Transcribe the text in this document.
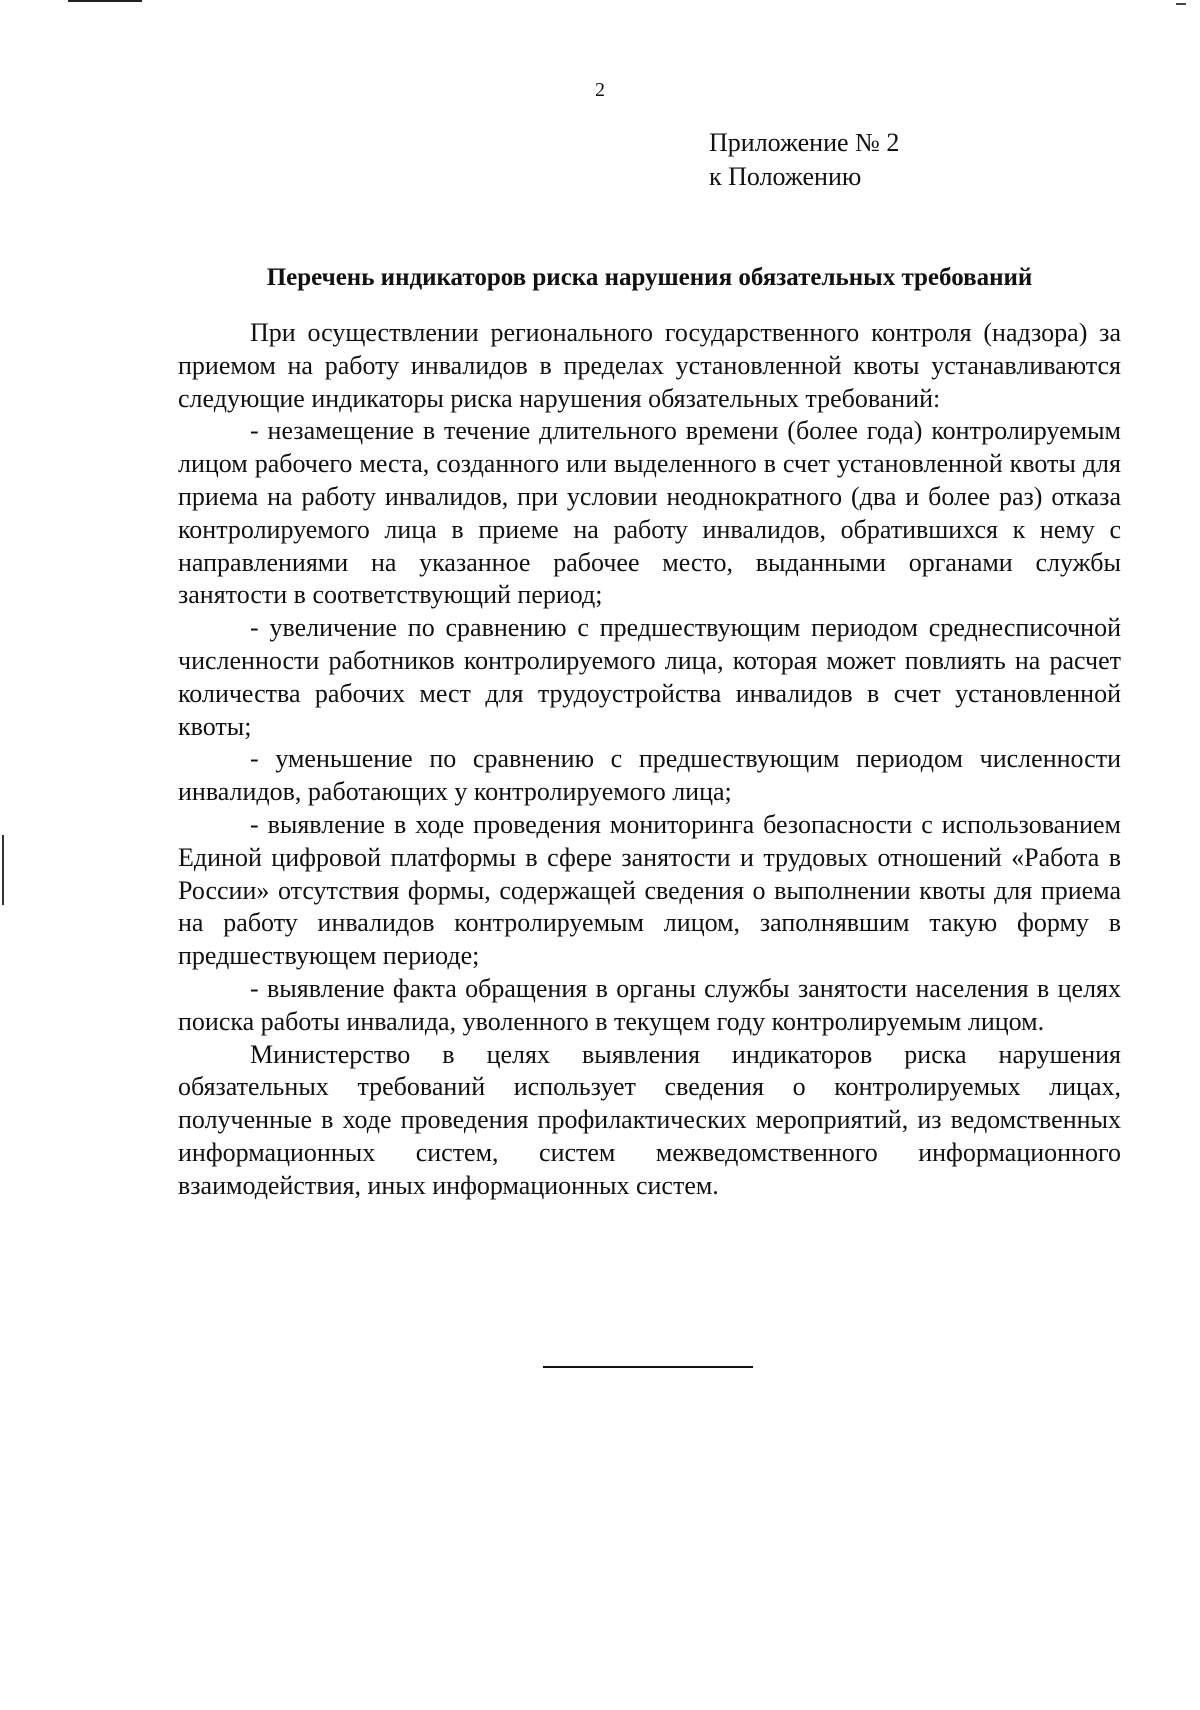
2
Приложение № 2
к Положению
Перечень индикаторов риска нарушения обязательных требований

При осуществлении регионального государственного контроля (надзора) за приемом на работу инвалидов в пределах установленной квоты устанавливаются следующие индикаторы риска нарушения обязательных требований:

- незамещение в течение длительного времени (более года) контролируемым лицом рабочего места, созданного или выделенного в счет установленной квоты для приема на работу инвалидов, при условии неоднократного (два и более раз) отказа контролируемого лица в приеме на работу инвалидов, обратившихся к нему с направлениями на указанное рабочее место, выданными органами службы занятости в соответствующий период;

- увеличение по сравнению с предшествующим периодом среднесписочной численности работников контролируемого лица, которая может повлиять на расчет количества рабочих мест для трудоустройства инвалидов в счет установленной квоты;

- уменьшение по сравнению с предшествующим периодом численности инвалидов, работающих у контролируемого лица;

- выявление в ходе проведения мониторинга безопасности с использованием Единой цифровой платформы в сфере занятости и трудовых отношений «Работа в России» отсутствия формы, содержащей сведения о выполнении квоты для приема на работу инвалидов контролируемым лицом, заполнявшим такую форму в предшествующем периоде;

- выявление факта обращения в органы службы занятости населения в целях поиска работы инвалида, уволенного в текущем году контролируемым лицом.

Министерство в целях выявления индикаторов риска нарушения обязательных требований использует сведения о контролируемых лицах, полученные в ходе проведения профилактических мероприятий, из ведомственных информационных систем, систем межведомственного информационного взаимодействия, иных информационных систем.
